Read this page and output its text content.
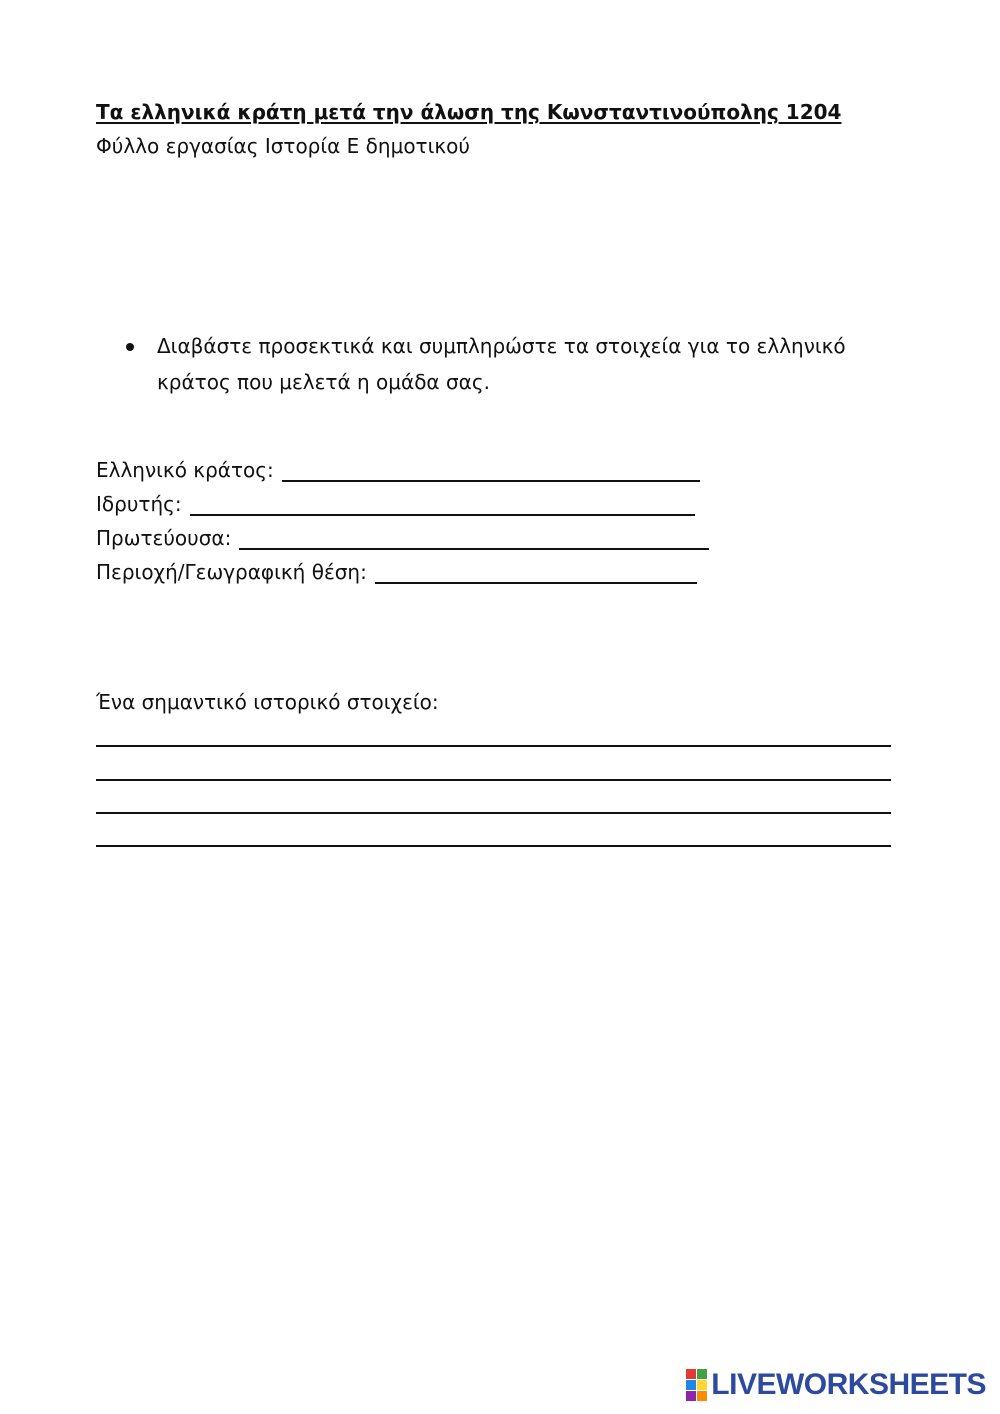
Τα ελληνικά κράτη μετά την άλωση της Κωνσταντινούπολης 1204
Φύλλο εργασίας Ιστορία Ε δημοτικού
Διαβάστε προσεκτικά και συμπληρώστε τα στοιχεία για το ελληνικό κράτος που μελετά η ομάδα σας.
Ελληνικό κράτος:
Ιδρυτής:
Πρωτεύουσα:
Περιοχή/Γεωγραφική θέση:
Ένα σημαντικό ιστορικό στοιχείο:
LIVEWORKSHEETS
